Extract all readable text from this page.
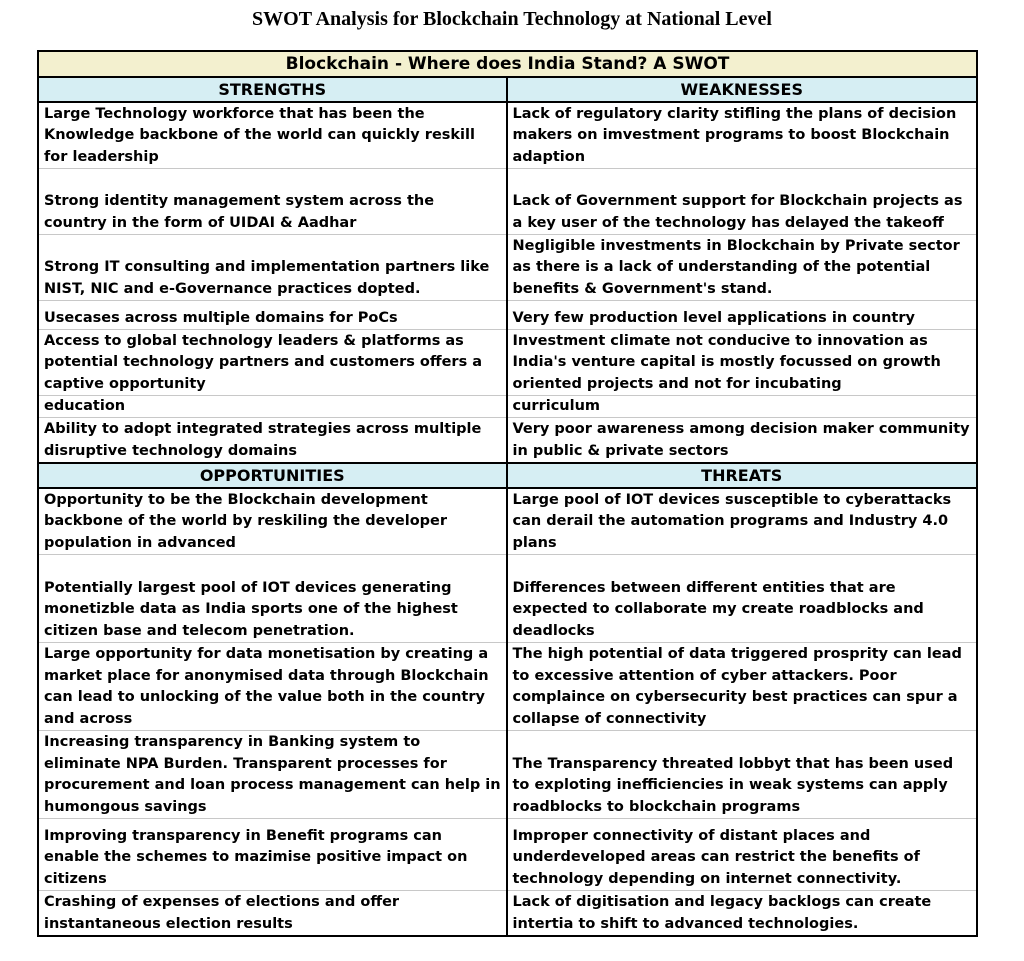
SWOT Analysis for Blockchain Technology at National Level
Blockchain - Where does India Stand? A SWOT
STRENGTHS
Large Technology workforce that has been the Knowledge backbone of the world can quickly reskill for leadership
Strong identity management system across the country in the form of UIDAI & Aadhar
Strong IT consulting and implementation partners like NIST, NIC and e-Governance practices dopted.
Usecases across multiple domains for PoCs
Access to global technology leaders & platforms as potential technology partners and customers offers a captive opportunity
education
Ability to adopt integrated strategies across multiple disruptive technology domains
WEAKNESSES
Lack of regulatory clarity stifling the plans of decision makers on imvestment programs to boost Blockchain adaption
Lack of Government support for Blockchain projects as a key user of the technology has delayed the takeoff
Negligible investments in Blockchain by Private sector as there is a lack of understanding of the potential benefits & Government's stand.
Very few production level applications in country
Investment climate not conducive to innovation as India's venture capital is mostly focussed on growth oriented projects and not for incubating
curriculum
Very poor awareness among decision maker community in public & private sectors
OPPORTUNITIES
Opportunity to be the Blockchain development backbone of the world by reskiling the developer population in advanced
Potentially largest pool of IOT devices generating monetizble data as India sports one of the highest citizen base and telecom penetration.
Large opportunity for data monetisation by creating a market place for anonymised data through Blockchain can lead to unlocking of the value both in the country and across
Increasing transparency in Banking system to eliminate NPA Burden. Transparent processes for procurement and loan process management can help in humongous savings
Improving transparency in Benefit programs can enable the schemes to mazimise positive impact on citizens
Crashing of expenses of elections and offer instantaneous election results
THREATS
Large pool of IOT devices susceptible to cyberattacks can derail the automation programs and Industry 4.0 plans
Differences between different entities that are expected to collaborate my create roadblocks and deadlocks
The high potential of data triggered prosprity can lead to excessive attention of cyber attackers. Poor complaince on cybersecurity best practices can spur a collapse of connectivity
The Transparency threated lobbyt that has been used to exploting inefficiencies in weak systems can apply roadblocks to blockchain programs
Improper connectivity of distant places and underdeveloped areas can restrict the benefits of technology depending on internet connectivity.
Lack of digitisation and legacy backlogs can create intertia to shift to advanced technologies.
